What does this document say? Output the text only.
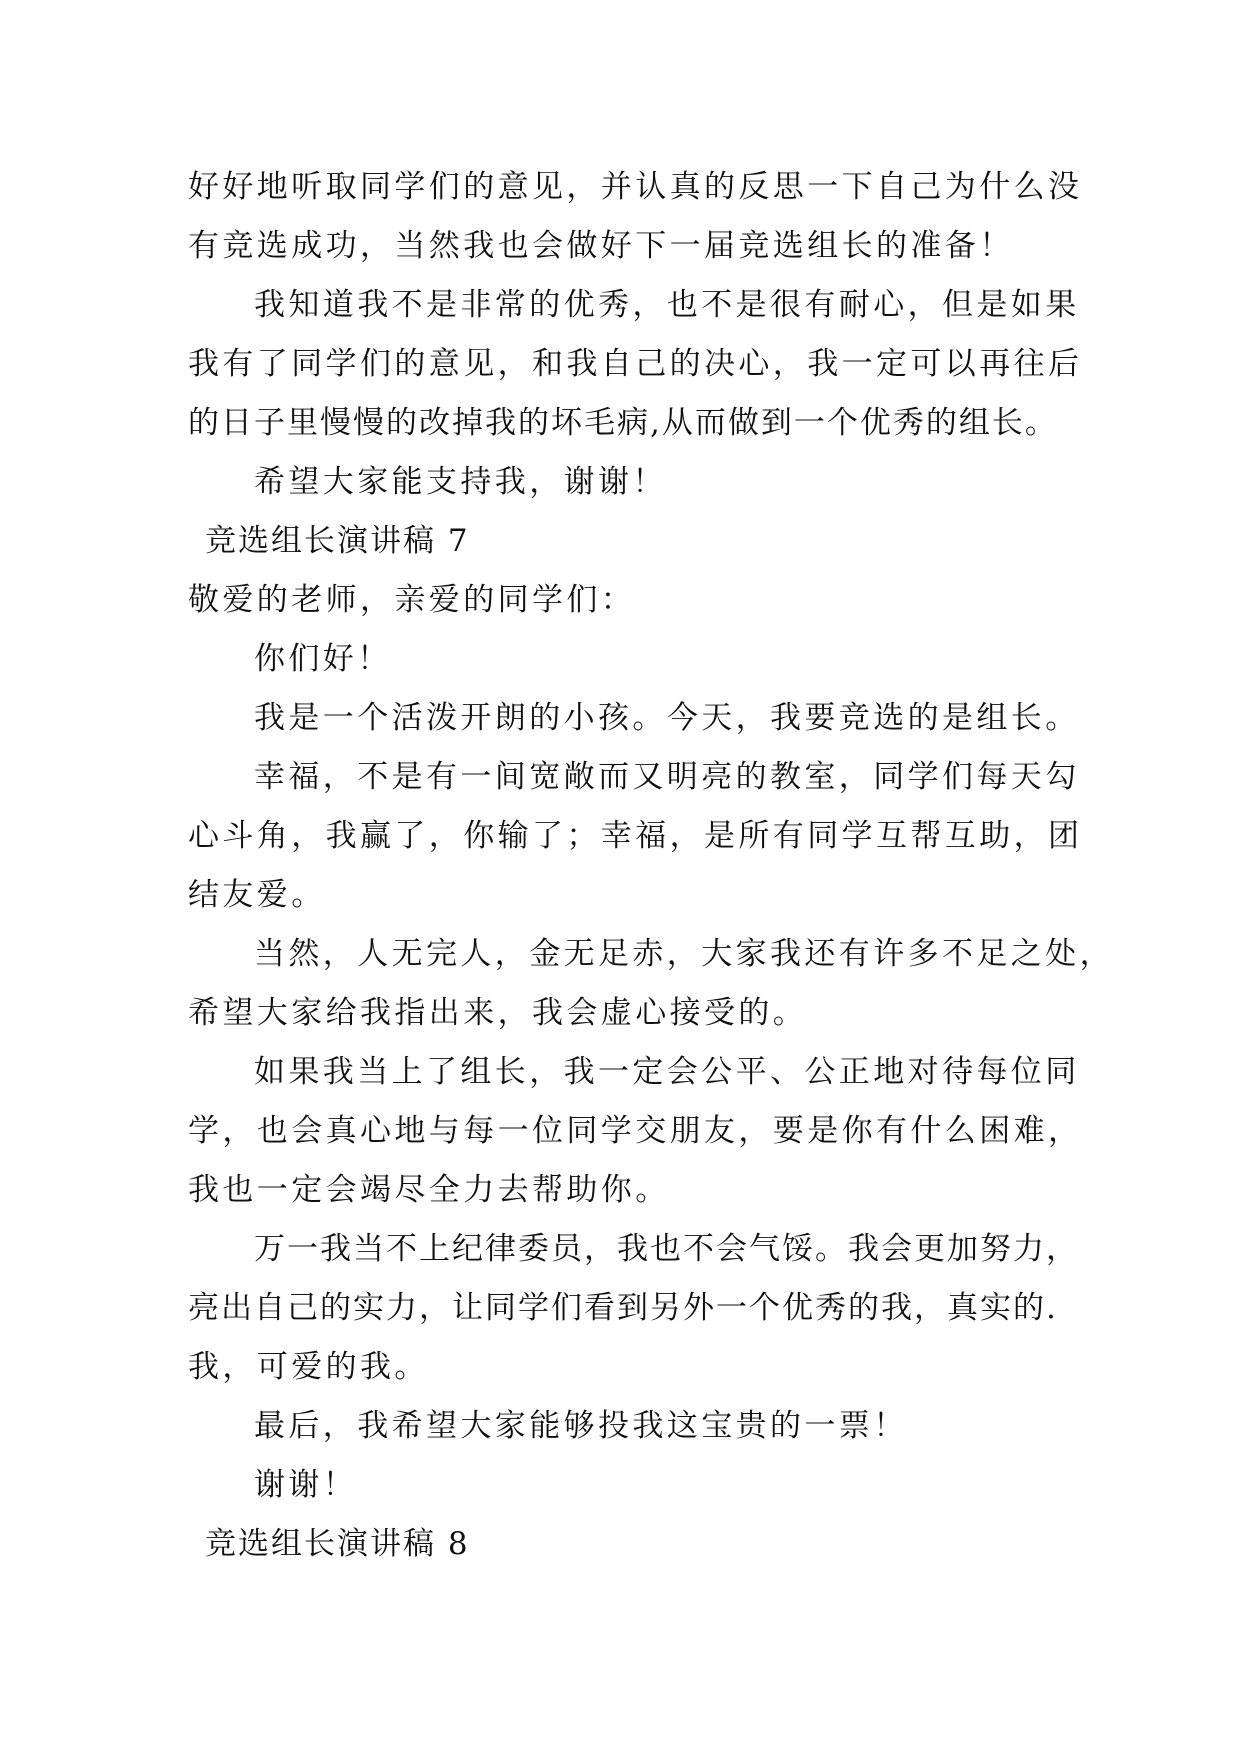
好好地听取同学们的意见，并认真的反思一下自己为什么没
有竞选成功，当然我也会做好下一届竞选组长的准备！
我知道我不是非常的优秀，也不是很有耐心，但是如果
我有了同学们的意见，和我自己的决心，我一定可以再往后
的日子里慢慢的改掉我的坏毛病,从而做到一个优秀的组长。
希望大家能支持我，谢谢！
竞选组长演讲稿 7
敬爱的老师，亲爱的同学们：
你们好！
我是一个活泼开朗的小孩。今天，我要竞选的是组长。
幸福，不是有一间宽敞而又明亮的教室，同学们每天勾
心斗角，我赢了，你输了；幸福，是所有同学互帮互助，团
结友爱。
当然，人无完人，金无足赤，大家我还有许多不足之处，
希望大家给我指出来，我会虚心接受的。
如果我当上了组长，我一定会公平、公正地对待每位同
学，也会真心地与每一位同学交朋友，要是你有什么困难，
我也一定会竭尽全力去帮助你。
万一我当不上纪律委员，我也不会气馁。我会更加努力，
亮出自己的实力，让同学们看到另外一个优秀的我，真实的.
我，可爱的我。
最后，我希望大家能够投我这宝贵的一票！
谢谢！
竞选组长演讲稿 8
